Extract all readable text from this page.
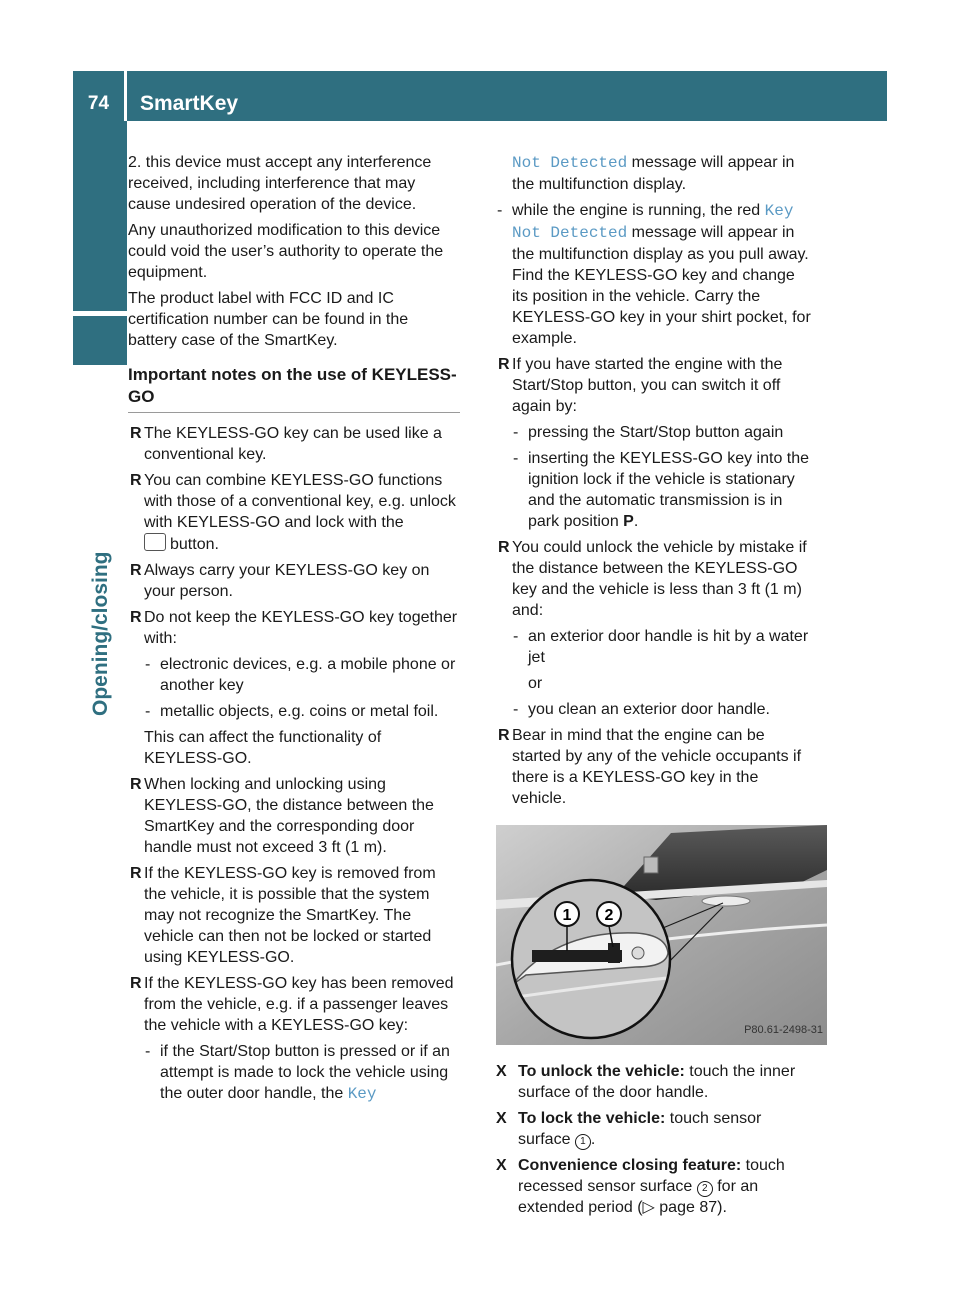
74	SmartKey
Opening/closing

2. this device must accept any interference received, including interference that may cause undesired operation of the device.

Any unauthorized modification to this device could void the user’s authority to operate the equipment.

The product label with FCC ID and IC certification number can be found in the battery case of the SmartKey.

Important notes on the use of KEYLESS-GO
R The KEYLESS-GO key can be used like a conventional key.
R You can combine KEYLESS-GO functions with those of a conventional key, e.g. unlock with KEYLESS-GO and lock with the
button.
R Always carry your KEYLESS-GO key on your person.
R Do not keep the KEYLESS-GO key together with:
- electronic devices, e.g. a mobile phone or another key
- metallic objects, e.g. coins or metal foil.
This can affect the functionality of KEYLESS-GO.
R When locking and unlocking using KEYLESS-GO, the distance between the SmartKey and the corresponding door handle must not exceed 3 ft (1 m).
R If the KEYLESS-GO key is removed from the vehicle, it is possible that the system may not recognize the SmartKey. The vehicle can then not be locked or started using KEYLESS-GO.
R If the KEYLESS-GO key has been removed from the vehicle, e.g. if a passenger leaves the vehicle with a KEYLESS-GO key:
- if the Start/Stop button is pressed or if an attempt is made to lock the vehicle using the outer door handle, the Key
Not Detected message will appear in the multifunction display.
- while the engine is running, the red Key Not Detected message will appear in the multifunction display as you pull away. Find the KEYLESS-GO key and change its position in the vehicle. Carry the KEYLESS-GO key in your shirt pocket, for example.
R If you have started the engine with the Start/Stop button, you can switch it off again by:
- pressing the Start/Stop button again
- inserting the KEYLESS-GO key into the ignition lock if the vehicle is stationary and the automatic transmission is in park position P.
R You could unlock the vehicle by mistake if the distance between the KEYLESS-GO key and the vehicle is less than 3 ft (1 m) and:
- an exterior door handle is hit by a water jet
or
- you clean an exterior door handle.
R Bear in mind that the engine can be started by any of the vehicle occupants if there is a KEYLESS-GO key in the vehicle.
1 2
P80.61-2498-31
X To unlock the vehicle: touch the inner surface of the door handle.
X To lock the vehicle: touch sensor surface 1 .
X Convenience closing feature: touch recessed sensor surface 2 for an extended period (▷ page 87).
